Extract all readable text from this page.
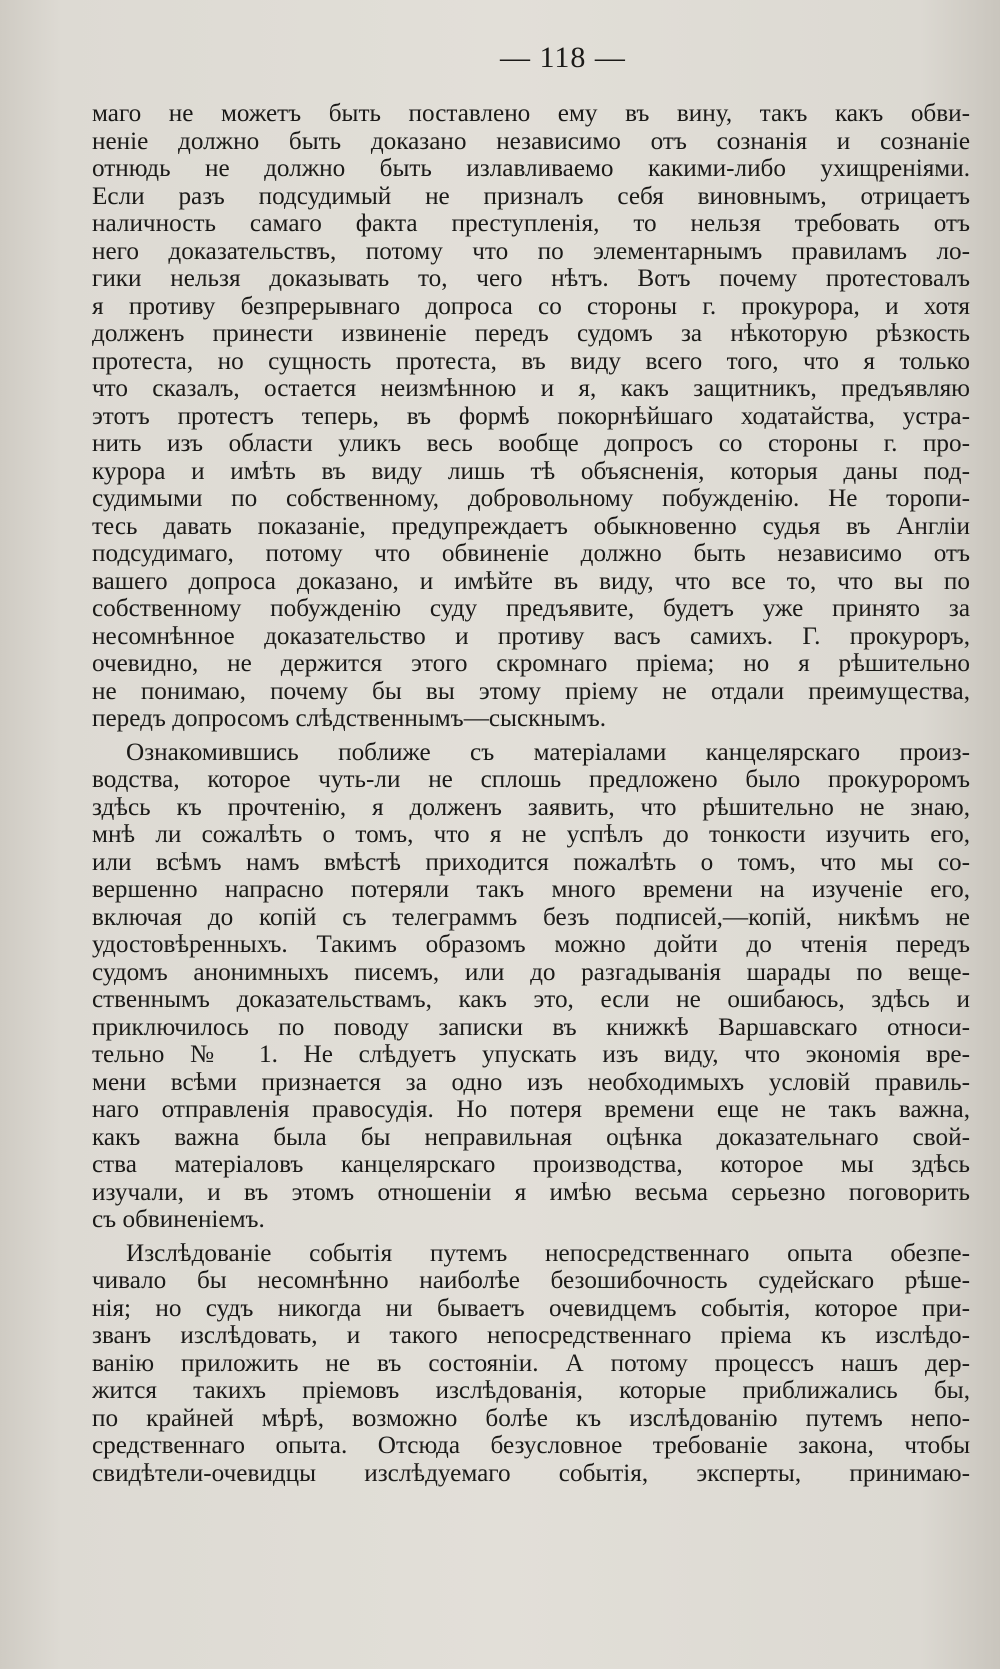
— 118 —
маго не можетъ быть поставлено ему въ вину, такъ какъ обви-
неніе должно быть доказано независимо отъ сознанія и сознаніе
отнюдь не должно быть излавливаемо какими-либо ухищреніями.
Если разъ подсудимый не призналъ себя виновнымъ, отрицаетъ
наличность самаго факта преступленія, то нельзя требовать отъ
него доказательствъ, потому что по элементарнымъ правиламъ ло-
гики нельзя доказывать то, чего нѣтъ. Вотъ почему протестовалъ
я противу безпрерывнаго допроса со стороны г. прокурора, и хотя
долженъ принести извиненіе передъ судомъ за нѣкоторую рѣзкость
протеста, но сущность протеста, въ виду всего того, что я только
что сказалъ, остается неизмѣнною и я, какъ защитникъ, предъявляю
этотъ протестъ теперь, въ формѣ покорнѣйшаго ходатайства, устра-
нить изъ области уликъ весь вообще допросъ со стороны г. про-
курора и имѣть въ виду лишь тѣ объясненія, которыя даны под-
судимыми по собственному, добровольному побужденію. Не торопи-
тесь давать показаніе, предупреждаетъ обыкновенно судья въ Англіи
подсудимаго, потому что обвиненіе должно быть независимо отъ
вашего допроса доказано, и имѣйте въ виду, что все то, что вы по
собственному побужденію суду предъявите, будетъ уже принято за
несомнѣнное доказательство и противу васъ самихъ. Г. прокуроръ,
очевидно, не держится этого скромнаго пріема; но я рѣшительно
не понимаю, почему бы вы этому пріему не отдали преимущества,
передъ допросомъ слѣдственнымъ—сыскнымъ.
Ознакомившись поближе съ матеріалами канцелярскаго произ-
водства, которое чуть-ли не сплошь предложено было прокуроромъ
здѣсь къ прочтенію, я долженъ заявить, что рѣшительно не знаю,
мнѣ ли сожалѣть о томъ, что я не успѣлъ до тонкости изучить его,
или всѣмъ намъ вмѣстѣ приходится пожалѣть о томъ, что мы со-
вершенно напрасно потеряли такъ много времени на изученіе его,
включая до копій съ телеграммъ безъ подписей,—копій, никѣмъ не
удостовѣренныхъ. Такимъ образомъ можно дойти до чтенія передъ
судомъ анонимныхъ писемъ, или до разгадыванія шарады по веще-
ственнымъ доказательствамъ, какъ это, если не ошибаюсь, здѣсь и
приключилось по поводу записки въ книжкѣ Варшавскаго относи-
тельно № 1. Не слѣдуетъ упускать изъ виду, что экономія вре-
мени всѣми признается за одно изъ необходимыхъ условій правиль-
наго отправленія правосудія. Но потеря времени еще не такъ важна,
какъ важна была бы неправильная оцѣнка доказательнаго свой-
ства матеріаловъ канцелярскаго производства, которое мы здѣсь
изучали, и въ этомъ отношеніи я имѣю весьма серьезно поговорить
съ обвиненіемъ.
Изслѣдованіе событія путемъ непосредственнаго опыта обезпе-
чивало бы несомнѣнно наиболѣе безошибочность судейскаго рѣше-
нія; но судъ никогда ни бываетъ очевидцемъ событія, которое при-
званъ изслѣдовать, и такого непосредственнаго пріема къ изслѣдо-
ванію приложить не въ состояніи. А потому процессъ нашъ дер-
жится такихъ пріемовъ изслѣдованія, которые приближались бы,
по крайней мѣрѣ, возможно болѣе къ изслѣдованію путемъ непо-
средственнаго опыта. Отсюда безусловное требованіе закона, чтобы
свидѣтели-очевидцы изслѣдуемаго событія, эксперты, принимаю-
